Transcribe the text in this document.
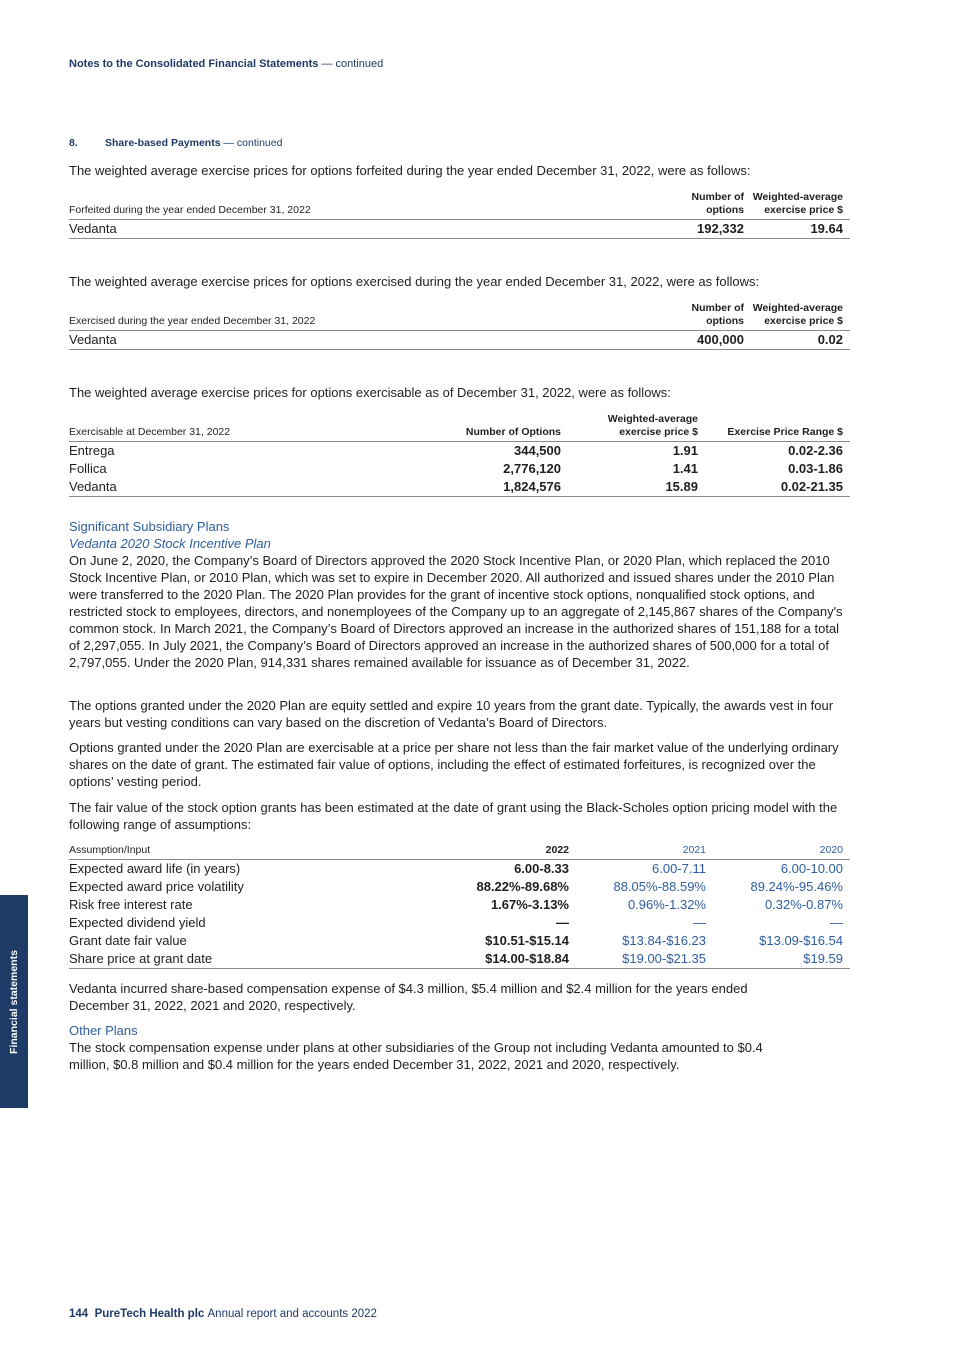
Notes to the Consolidated Financial Statements — continued
8.	Share-based Payments — continued
The weighted average exercise prices for options forfeited during the year ended December 31, 2022, were as follows:
Forfeited during the year ended December 31, 2022	Number of options	Weighted-average exercise price $
Vedanta	192,332	19.64
The weighted average exercise prices for options exercised during the year ended December 31, 2022, were as follows:
Exercised during the year ended December 31, 2022	Number of options	Weighted-average exercise price $
Vedanta	400,000	0.02
The weighted average exercise prices for options exercisable as of December 31, 2022, were as follows:
Exercisable at December 31, 2022	Number of Options	Weighted-average exercise price $	Exercise Price Range $
Entrega	344,500	1.91	0.02-2.36
Follica	2,776,120	1.41	0.03-1.86
Vedanta	1,824,576	15.89	0.02-21.35
Significant Subsidiary Plans
Vedanta 2020 Stock Incentive Plan
On June 2, 2020, the Company’s Board of Directors approved the 2020 Stock Incentive Plan, or 2020 Plan, which replaced the 2010 Stock Incentive Plan, or 2010 Plan, which was set to expire in December 2020. All authorized and issued shares under the 2010 Plan were transferred to the 2020 Plan. The 2020 Plan provides for the grant of incentive stock options, nonqualified stock options, and restricted stock to employees, directors, and nonemployees of the Company up to an aggregate of 2,145,867 shares of the Company's common stock. In March 2021, the Company’s Board of Directors approved an increase in the authorized shares of 151,188 for a total of 2,297,055. In July 2021, the Company’s Board of Directors approved an increase in the authorized shares of 500,000 for a total of 2,797,055. Under the 2020 Plan, 914,331 shares remained available for issuance as of December 31, 2022.
The options granted under the 2020 Plan are equity settled and expire 10 years from the grant date. Typically, the awards vest in four years but vesting conditions can vary based on the discretion of Vedanta’s Board of Directors.
Options granted under the 2020 Plan are exercisable at a price per share not less than the fair market value of the underlying ordinary shares on the date of grant. The estimated fair value of options, including the effect of estimated forfeitures, is recognized over the options’ vesting period.
The fair value of the stock option grants has been estimated at the date of grant using the Black-Scholes option pricing model with the following range of assumptions:
Assumption/Input	2022	2021	2020
Expected award life (in years)	6.00-8.33	6.00-7.11	6.00-10.00
Expected award price volatility	88.22%-89.68%	88.05%-88.59%	89.24%-95.46%
Risk free interest rate	1.67%-3.13%	0.96%-1.32%	0.32%-0.87%
Expected dividend yield	—	—	—
Grant date fair value	$10.51-$15.14	$13.84-$16.23	$13.09-$16.54
Share price at grant date	$14.00-$18.84	$19.00-$21.35	$19.59
Vedanta incurred share-based compensation expense of $4.3 million, $5.4 million and $2.4 million for the years ended December 31, 2022, 2021 and 2020, respectively.
Other Plans
The stock compensation expense under plans at other subsidiaries of the Group not including Vedanta amounted to $0.4 million, $0.8 million and $0.4 million for the years ended December 31, 2022, 2021 and 2020, respectively.
Financial statements
144 PureTech Health plc Annual report and accounts 2022
